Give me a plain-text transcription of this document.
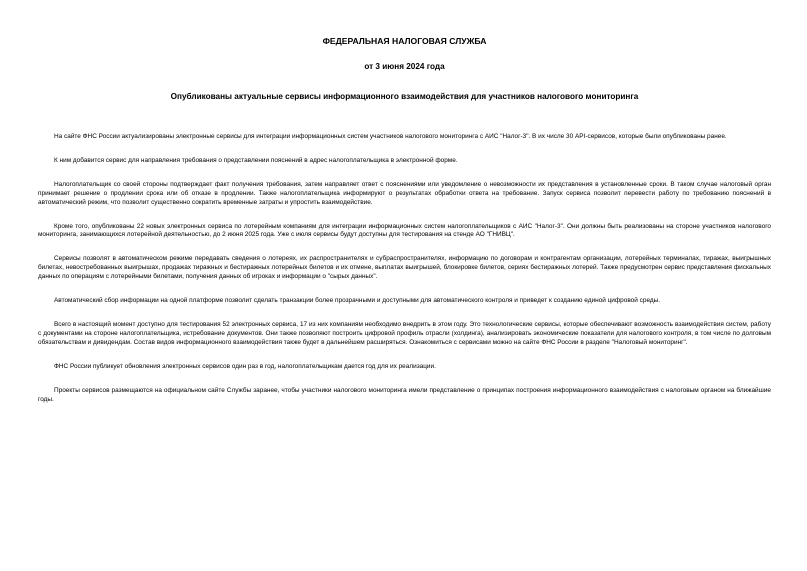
ФЕДЕРАЛЬНАЯ НАЛОГОВАЯ СЛУЖБА

от 3 июня 2024 года

Опубликованы актуальные сервисы информационного взаимодействия для участников налогового мониторинга

На сайте ФНС России актуализированы электронные сервисы для интеграции информационных систем участников налогового мониторинга с АИС "Налог-3". В их числе 30 API-сервисов, которые были опубликованы ранее.

К ним добавится сервис для направления требования о представлении пояснений в адрес налогоплательщика в электронной форме.

Налогоплательщик со своей стороны подтверждает факт получения требования, затем направляет ответ с пояснениями или уведомление о невозможности их представления в установленные сроки. В таком случае налоговый орган принимает решение о продлении срока или об отказе в продлении. Также налогоплательщика информируют о результатах обработки ответа на требование. Запуск сервиса позволит перевести работу по требованию пояснений в автоматический режим, что позволит существенно сократить временные затраты и упростить взаимодействие.

Кроме того, опубликованы 22 новых электронных сервиса по лотерейным компаниям для интеграции информационных систем налогоплательщиков с АИС "Налог-3". Они должны быть реализованы на стороне участников налогового мониторинга, занимающихся лотерейной деятельностью, до 2 июня 2025 года. Уже с июля сервисы будут доступны для тестирования на стенде АО "ГНИВЦ".

Сервисы позволят в автоматическом режиме передавать сведения о лотереях, их распространителях и субраспространителях, информацию по договорам и контрагентам организации, лотерейных терминалах, тиражах, выигрышных билетах, невостребованных выигрышах, продажах тиражных и бестиражных лотерейных билетов и их отмене, выплатах выигрышей, блокировке билетов, сериях бестиражных лотерей. Также предусмотрен сервис представления фискальных данных по операциям с лотерейными билетами, получения данных об игроках и информации о "сырых данных".

Автоматический сбор информации на одной платформе позволит сделать транзакции более прозрачными и доступными для автоматического контроля и приведет к созданию единой цифровой среды.

Всего в настоящий момент доступно для тестирования 52 электронных сервиса, 17 из них компаниям необходимо внедрить в этом году. Это технологические сервисы, которые обеспечивают возможность взаимодействия систем, работу с документами на стороне налогоплательщика, истребование документов. Они также позволяют построить цифровой профиль отрасли (холдинга), анализировать экономические показатели для налогового контроля, в том числе по долговым обязательствам и дивидендам. Состав видов информационного взаимодействия также будет в дальнейшем расширяться. Ознакомиться с сервисами можно на сайте ФНС России в разделе "Налоговый мониторинг".

ФНС России публикует обновления электронных сервисов один раз в год, налогоплательщикам дается год для их реализации.

Проекты сервисов размещаются на официальном сайте Службы заранее, чтобы участники налогового мониторинга имели представление о принципах построения информационного взаимодействия с налоговым органом на ближайшие годы.
